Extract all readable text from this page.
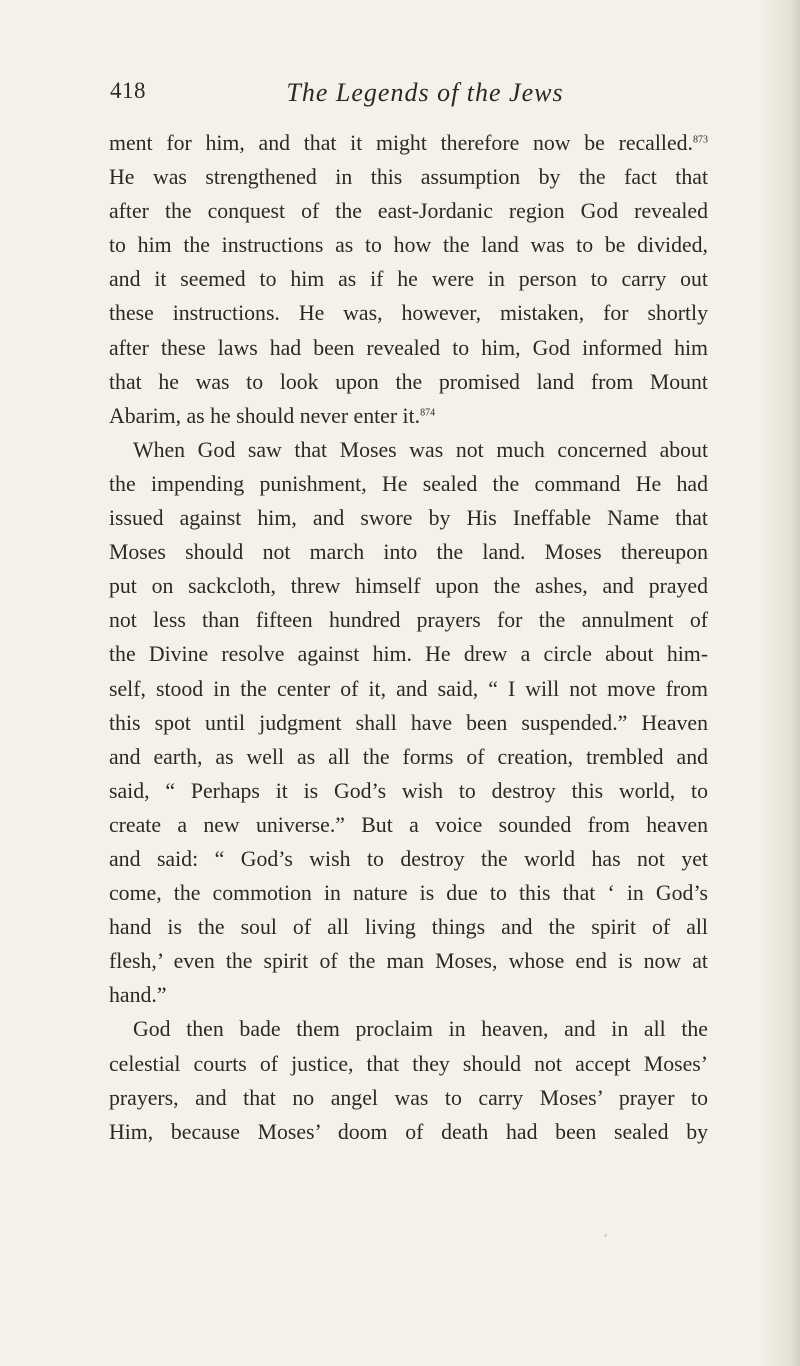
418	The Legends of the Jews
ment for him, and that it might therefore now be recalled.$^{873}$
He was strengthened in this assumption by the fact that
after the conquest of the east-Jordanic region God revealed
to him the instructions as to how the land was to be divided,
and it seemed to him as if he were in person to carry out
these instructions. He was, however, mistaken, for shortly
after these laws had been revealed to him, God informed him
that he was to look upon the promised land from Mount
Abarim, as he should never enter it.$^{874}$
When God saw that Moses was not much concerned about
the impending punishment, He sealed the command He had
issued against him, and swore by His Ineffable Name that
Moses should not march into the land. Moses thereupon
put on sackcloth, threw himself upon the ashes, and prayed
not less than fifteen hundred prayers for the annulment of
the Divine resolve against him. He drew a circle about him-
self, stood in the center of it, and said, “ I will not move from
this spot until judgment shall have been suspended.” Heaven
and earth, as well as all the forms of creation, trembled and
said, “ Perhaps it is God’s wish to destroy this world, to
create a new universe.” But a voice sounded from heaven
and said: “ God’s wish to destroy the world has not yet
come, the commotion in nature is due to this that ‘ in God’s
hand is the soul of all living things and the spirit of all
flesh,’ even the spirit of the man Moses, whose end is now at
hand.”
God then bade them proclaim in heaven, and in all the
celestial courts of justice, that they should not accept Moses’
prayers, and that no angel was to carry Moses’ prayer to
Him, because Moses’ doom of death had been sealed by
